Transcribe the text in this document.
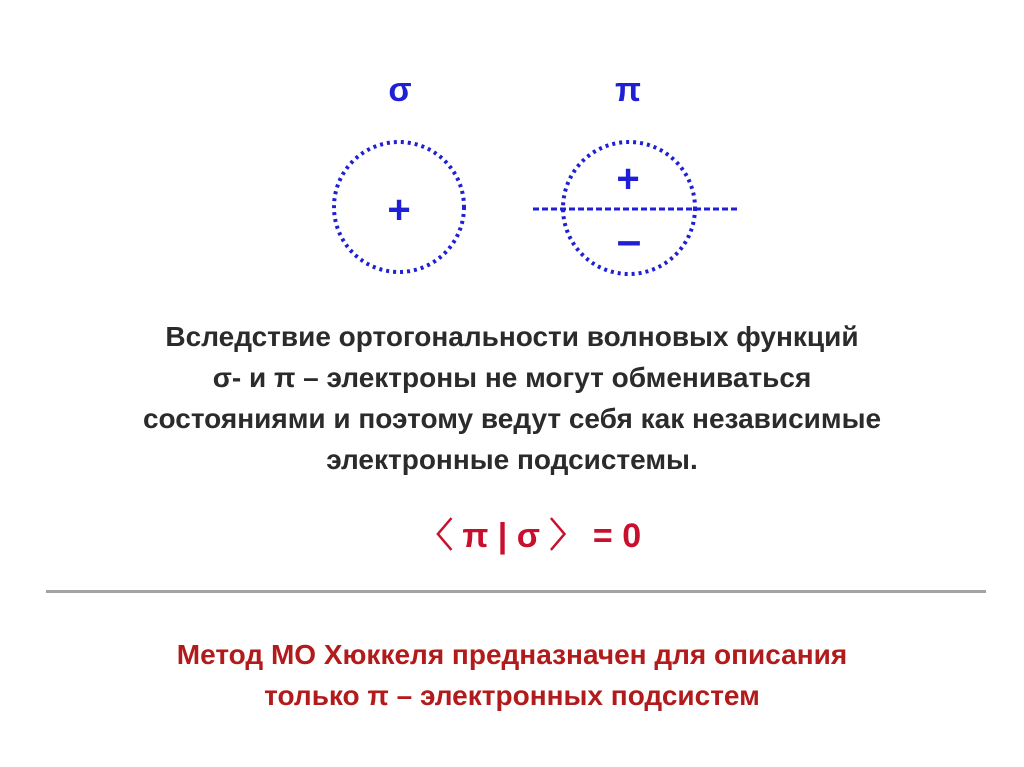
σ
+
π
+
–
Вследствие ортогональности волновых функций
σ- и π – электроны не могут обмениваться
состояниями и поэтому ведут себя как независимые
электронные подсистемы.
〈 π | σ 〉 = 0
Метод МО Хюккеля предназначен для описания
только π – электронных подсистем
